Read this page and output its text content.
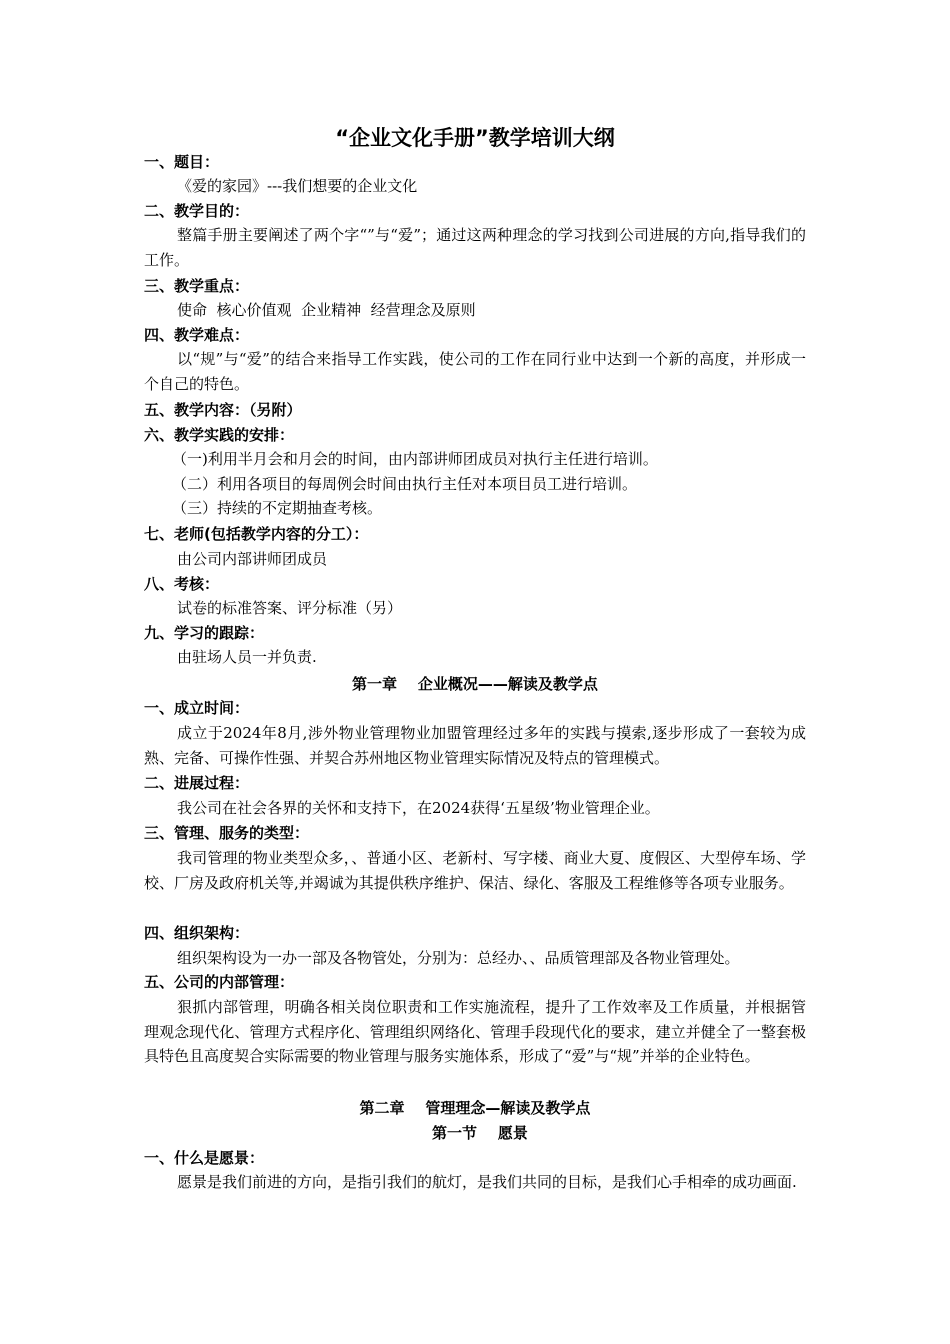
“企业文化手册”教学培训大纲
一、题目：
《爱的家园》---我们想要的企业文化
二、教学目的：
整篇手册主要阐述了两个字“”与“爱”；通过这两种理念的学习找到公司进展的方向,指导我们的工作。
三、教学重点：
使命  核心价值观  企业精神  经营理念及原则
四、教学难点：
以“规”与“爱”的结合来指导工作实践，使公司的工作在同行业中达到一个新的高度，并形成一个自己的特色。
五、教学内容：（另附）
六、教学实践的安排：
（一)利用半月会和月会的时间，由内部讲师团成员对执行主任进行培训。
（二）利用各项目的每周例会时间由执行主任对本项目员工进行培训。
（三）持续的不定期抽查考核。
七、老师(包括教学内容的分工）：
由公司内部讲师团成员
八、考核：
试卷的标准答案、评分标准（另）
九、学习的跟踪：
由驻场人员一并负责.
第一章    企业概况——解读及教学点
一、成立时间：
成立于2024年8月,涉外物业管理物业加盟管理经过多年的实践与摸索,逐步形成了一套较为成熟、完备、可操作性强、并契合苏州地区物业管理实际情况及特点的管理模式。
二、进展过程：
我公司在社会各界的关怀和支持下，在2024获得‘五星级’物业管理企业。
三、管理、服务的类型：
我司管理的物业类型众多，、普通小区、老新村、写字楼、商业大夏、度假区、大型停车场、学校、厂房及政府机关等,并竭诚为其提供秩序维护、保洁、绿化、客服及工程维修等各项专业服务。
四、组织架构：
组织架构设为一办一部及各物管处，分别为：总经办、、品质管理部及各物业管理处。
五、公司的内部管理：
狠抓内部管理，明确各相关岗位职责和工作实施流程，提升了工作效率及工作质量，并根据管理观念现代化、管理方式程序化、管理组织网络化、管理手段现代化的要求，建立并健全了一整套极具特色且高度契合实际需要的物业管理与服务实施体系，形成了“爱”与“规”并举的企业特色。
第二章    管理理念—解读及教学点
第一节    愿景
一、什么是愿景：
愿景是我们前进的方向，是指引我们的航灯，是我们共同的目标，是我们心手相牵的成功画面.
